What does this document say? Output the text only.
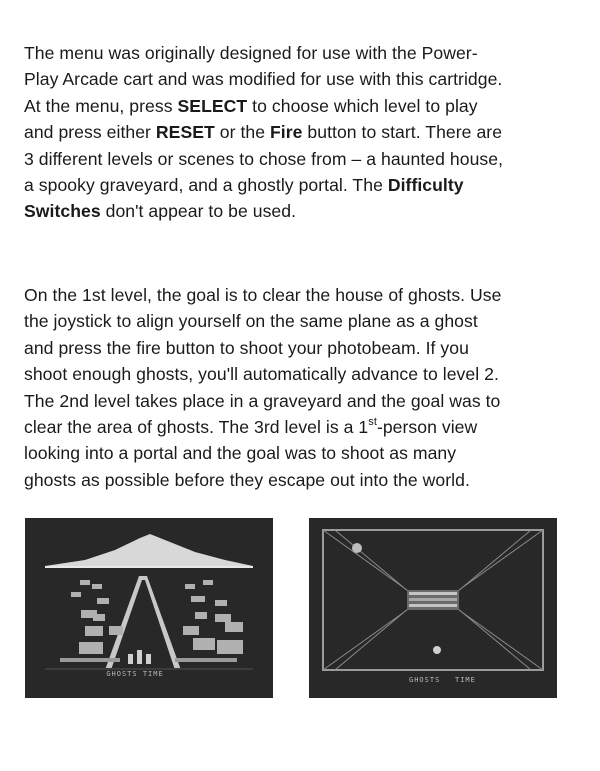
The menu was originally designed for use with the Power-
Play Arcade cart and was modified for use with this cartridge.
At the menu, press SELECT to choose which level to play
and press either RESET or the Fire button to start. There are
3 different levels or scenes to chose from – a haunted house,
a spooky graveyard, and a ghostly portal. The Difficulty
Switches don't appear to be used.

On the 1st level, the goal is to clear the house of ghosts. Use
the joystick to align yourself on the same plane as a ghost
and press the fire button to shoot your photobeam. If you
shoot enough ghosts, you'll automatically advance to level 2.
The 2nd level takes place in a graveyard and the goal was to
clear the area of ghosts. The 3rd level is a 1st-person view
looking into a portal and the goal was to shoot as many
ghosts as possible before they escape out into the world.

GHOSTS TIME
GHOSTS TIME
